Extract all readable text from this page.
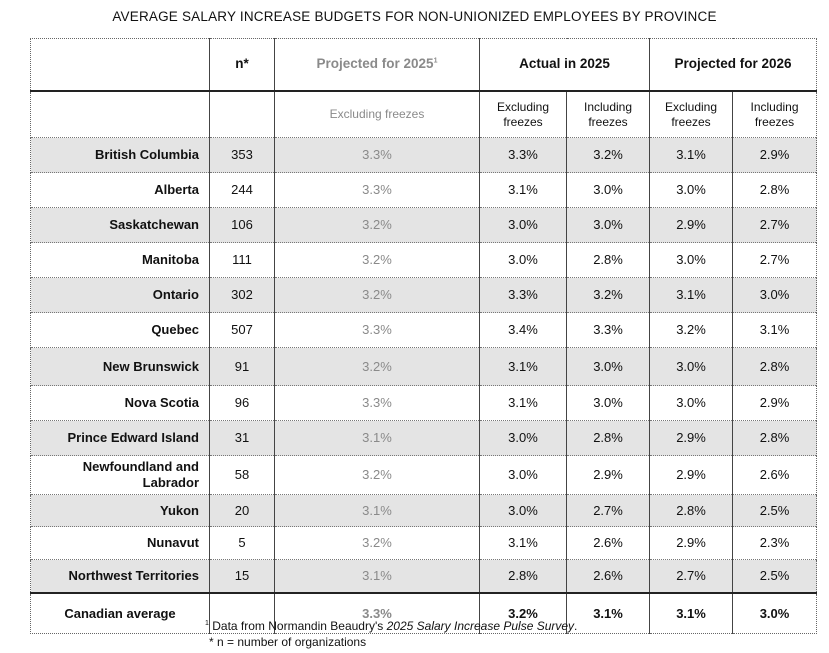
AVERAGE SALARY INCREASE BUDGETS FOR NON-UNIONIZED EMPLOYEES BY PROVINCE
	n*	Projected for 2025$^1$	Actual in 2025		Projected for 2026	
		Excluding freezes	Excluding freezes	Including freezes	Excluding freezes	Including freezes
British Columbia	353	3.3%	3.3%	3.2%	3.1%	2.9%
Alberta	244	3.3%	3.1%	3.0%	3.0%	2.8%
Saskatchewan	106	3.2%	3.0%	3.0%	2.9%	2.7%
Manitoba	111	3.2%	3.0%	2.8%	3.0%	2.7%
Ontario	302	3.2%	3.3%	3.2%	3.1%	3.0%
Quebec	507	3.3%	3.4%	3.3%	3.2%	3.1%
New Brunswick	91	3.2%	3.1%	3.0%	3.0%	2.8%
Nova Scotia	96	3.3%	3.1%	3.0%	3.0%	2.9%
Prince Edward Island	31	3.1%	3.0%	2.8%	2.9%	2.8%
Newfoundland and Labrador	58	3.2%	3.0%	2.9%	2.9%	2.6%
Yukon	20	3.1%	3.0%	2.7%	2.8%	2.5%
Nunavut	5	3.2%	3.1%	2.6%	2.9%	2.3%
Northwest Territories	15	3.1%	2.8%	2.6%	2.7%	2.5%
Canadian average		3.3%	3.2%	3.1%	3.1%	3.0%
$^1$ Data from Normandin Beaudry's 2025 Salary Increase Pulse Survey.
* n = number of organizations
